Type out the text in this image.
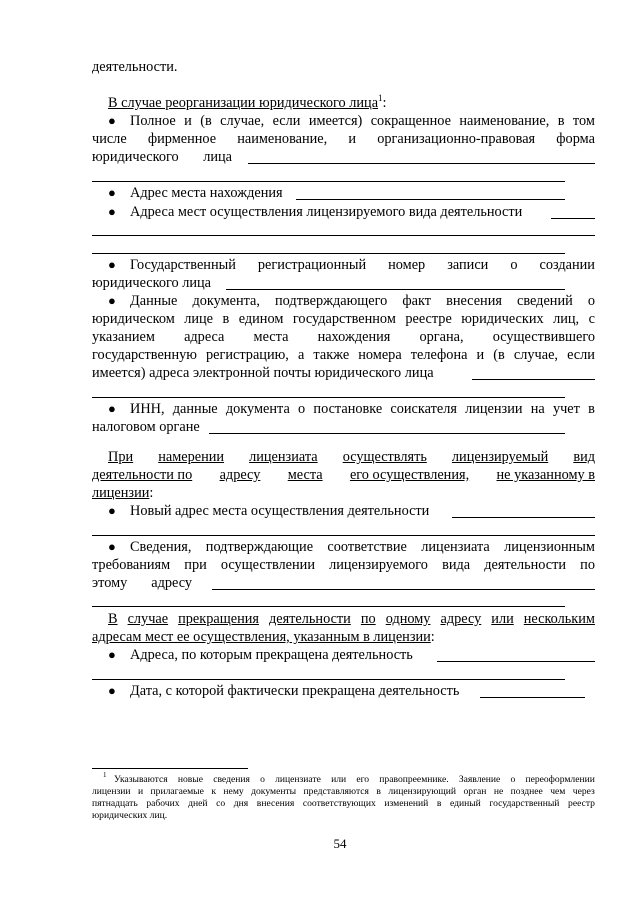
деятельности.
В случае реорганизации юридического лица$^1$:
● Полное и (в случае, если имеется) сокращенное наименование, в том
числе фирменное наименование, и организационно-правовая форма
юридического лица
● Адрес места нахождения
● Адреса мест осуществления лицензируемого вида деятельности
● Государственный регистрационный номер записи о создании
юридического лица
● Данные документа, подтверждающего факт внесения сведений о
юридическом лице в едином государственном реестре юридических лиц, с
указанием адреса места нахождения органа, осуществившего
государственную регистрацию, а также номера телефона и (в случае, если
имеется) адреса электронной почты юридического лица
● ИНН, данные документа о постановке соискателя лицензии на учет в
налоговом органе
При намерении лицензиата осуществлять лицензируемый вид
деятельности по адресу места его осуществления, не указанному в
лицензии:
● Новый адрес места осуществления деятельности
● Сведения, подтверждающие соответствие лицензиата лицензионным
требованиям при осуществлении лицензируемого вида деятельности по
этому адресу
В случае прекращения деятельности по одному адресу или нескольким
адресам мест ее осуществления, указанным в лицензии:
● Адреса, по которым прекращена деятельность
● Дата, с которой фактически прекращена деятельность
1 Указываются новые сведения о лицензиате или его правопреемнике. Заявление о переоформлении
лицензии и прилагаемые к нему документы представляются в лицензирующий орган не позднее чем через
пятнадцать рабочих дней со дня внесения соответствующих изменений в единый государственный реестр
юридических лиц.
54
